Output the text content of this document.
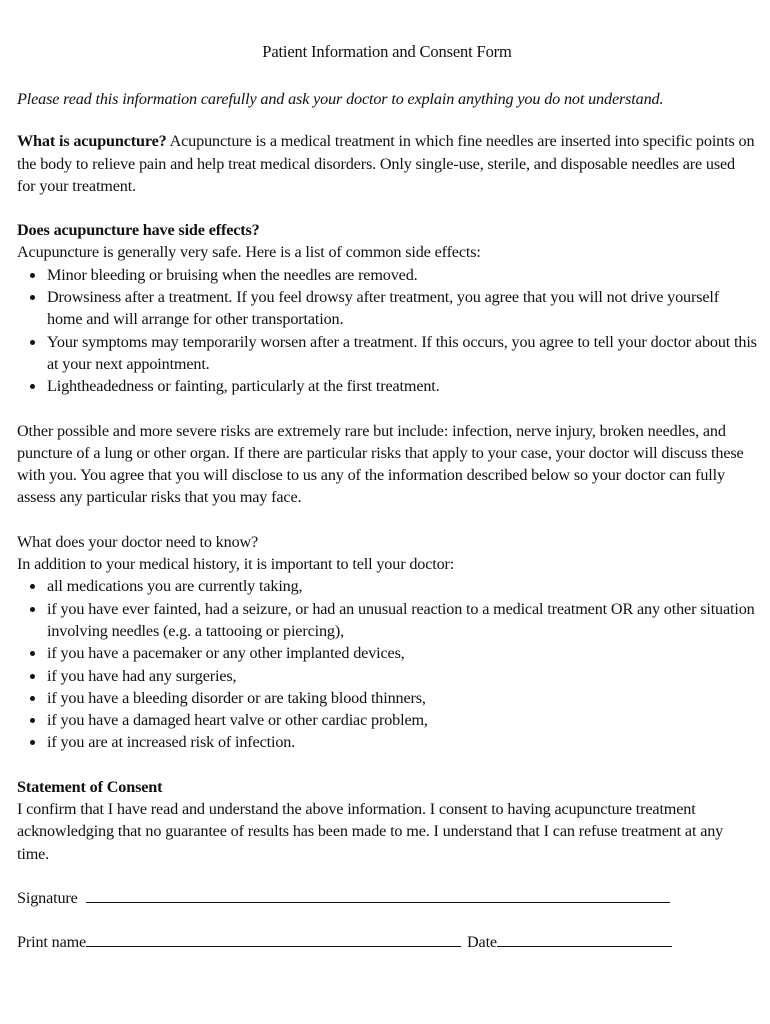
Patient Information and Consent Form
Please read this information carefully and ask your doctor to explain anything you do not understand.

What is acupuncture? Acupuncture is a medical treatment in which fine needles are inserted into specific points on the body to relieve pain and help treat medical disorders. Only single-use, sterile, and disposable needles are used for your treatment.

Does acupuncture have side effects?

Acupuncture is generally very safe. Here is a list of common side effects:

Minor bleeding or bruising when the needles are removed.
Drowsiness after a treatment. If you feel drowsy after treatment, you agree that you will not drive yourself home and will arrange for other transportation.
Your symptoms may temporarily worsen after a treatment. If this occurs, you agree to tell your doctor about this at your next appointment.
Lightheadedness or fainting, particularly at the first treatment.

Other possible and more severe risks are extremely rare but include: infection, nerve injury, broken needles, and puncture of a lung or other organ. If there are particular risks that apply to your case, your doctor will discuss these with you. You agree that you will disclose to us any of the information described below so your doctor can fully assess any particular risks that you may face.

What does your doctor need to know?

In addition to your medical history, it is important to tell your doctor:

all medications you are currently taking,
if you have ever fainted, had a seizure, or had an unusual reaction to a medical treatment OR any other situation involving needles (e.g. a tattooing or piercing),
if you have a pacemaker or any other implanted devices,
if you have had any surgeries,
if you have a bleeding disorder or are taking blood thinners,
if you have a damaged heart valve or other cardiac problem,
if you are at increased risk of infection.

Statement of Consent

I confirm that I have read and understand the above information. I consent to having acupuncture treatment acknowledging that no guarantee of results has been made to me. I understand that I can refuse treatment at any time.

Signature
Print name	Date
